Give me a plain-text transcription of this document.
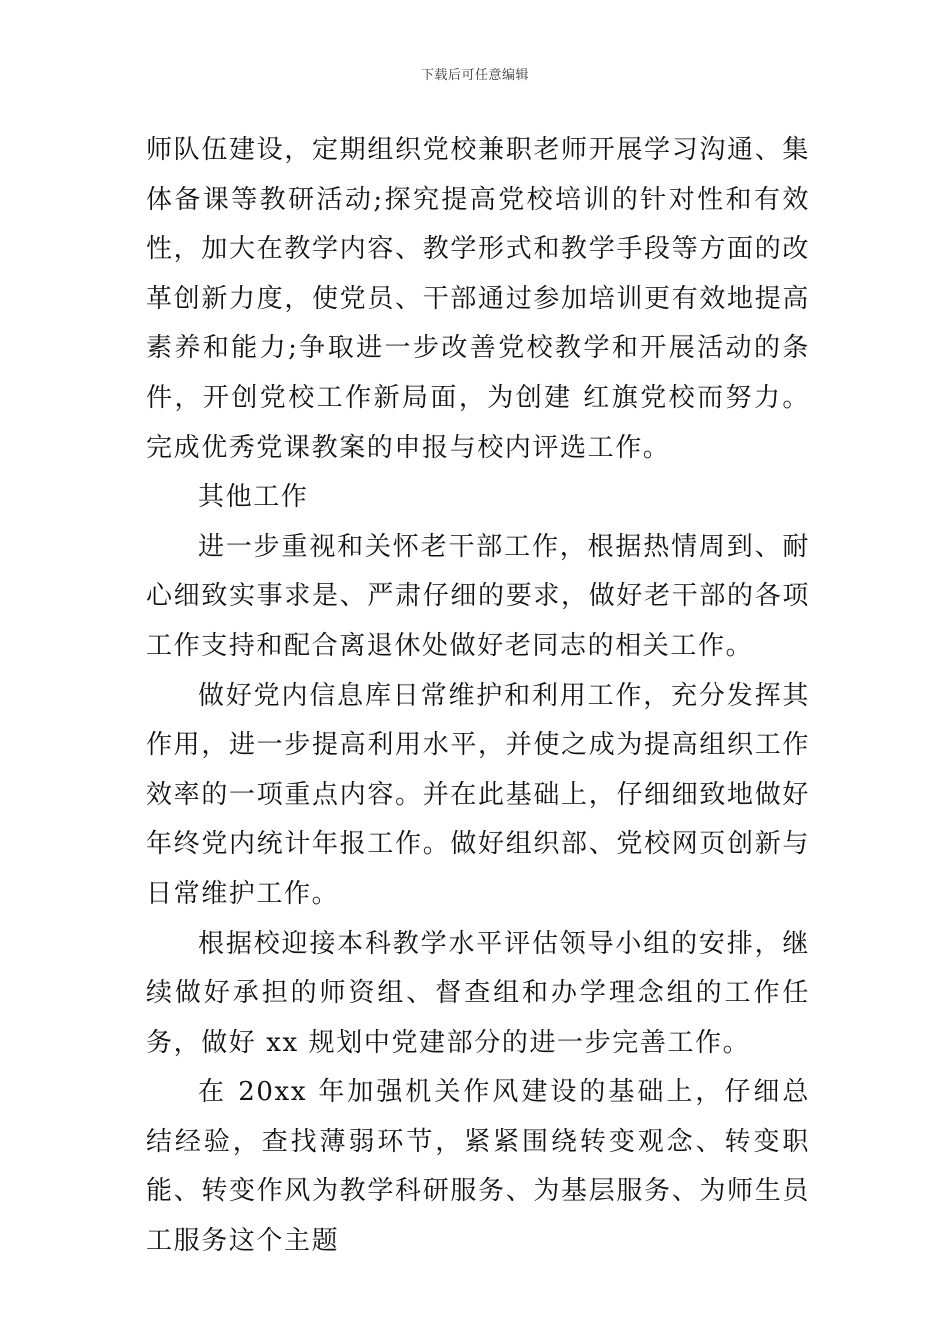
下载后可任意编辑

师队伍建设，定期组织党校兼职老师开展学习沟通、集体备课等教研活动;探究提高党校培训的针对性和有效性，加大在教学内容、教学形式和教学手段等方面的改革创新力度，使党员、干部通过参加培训更有效地提高素养和能力;争取进一步改善党校教学和开展活动的条件，开创党校工作新局面，为创建 红旗党校而努力。完成优秀党课教案的申报与校内评选工作。

其他工作

进一步重视和关怀老干部工作，根据热情周到、耐心细致实事求是、严肃仔细的要求，做好老干部的各项工作支持和配合离退休处做好老同志的相关工作。

做好党内信息库日常维护和利用工作，充分发挥其作用，进一步提高利用水平，并使之成为提高组织工作效率的一项重点内容。并在此基础上，仔细细致地做好年终党内统计年报工作。做好组织部、党校网页创新与日常维护工作。

根据校迎接本科教学水平评估领导小组的安排，继续做好承担的师资组、督查组和办学理念组的工作任务，做好 xx 规划中党建部分的进一步完善工作。

在 20xx 年加强机关作风建设的基础上，仔细总结经验，查找薄弱环节，紧紧围绕转变观念、转变职能、转变作风为教学科研服务、为基层服务、为师生员工服务这个主题
